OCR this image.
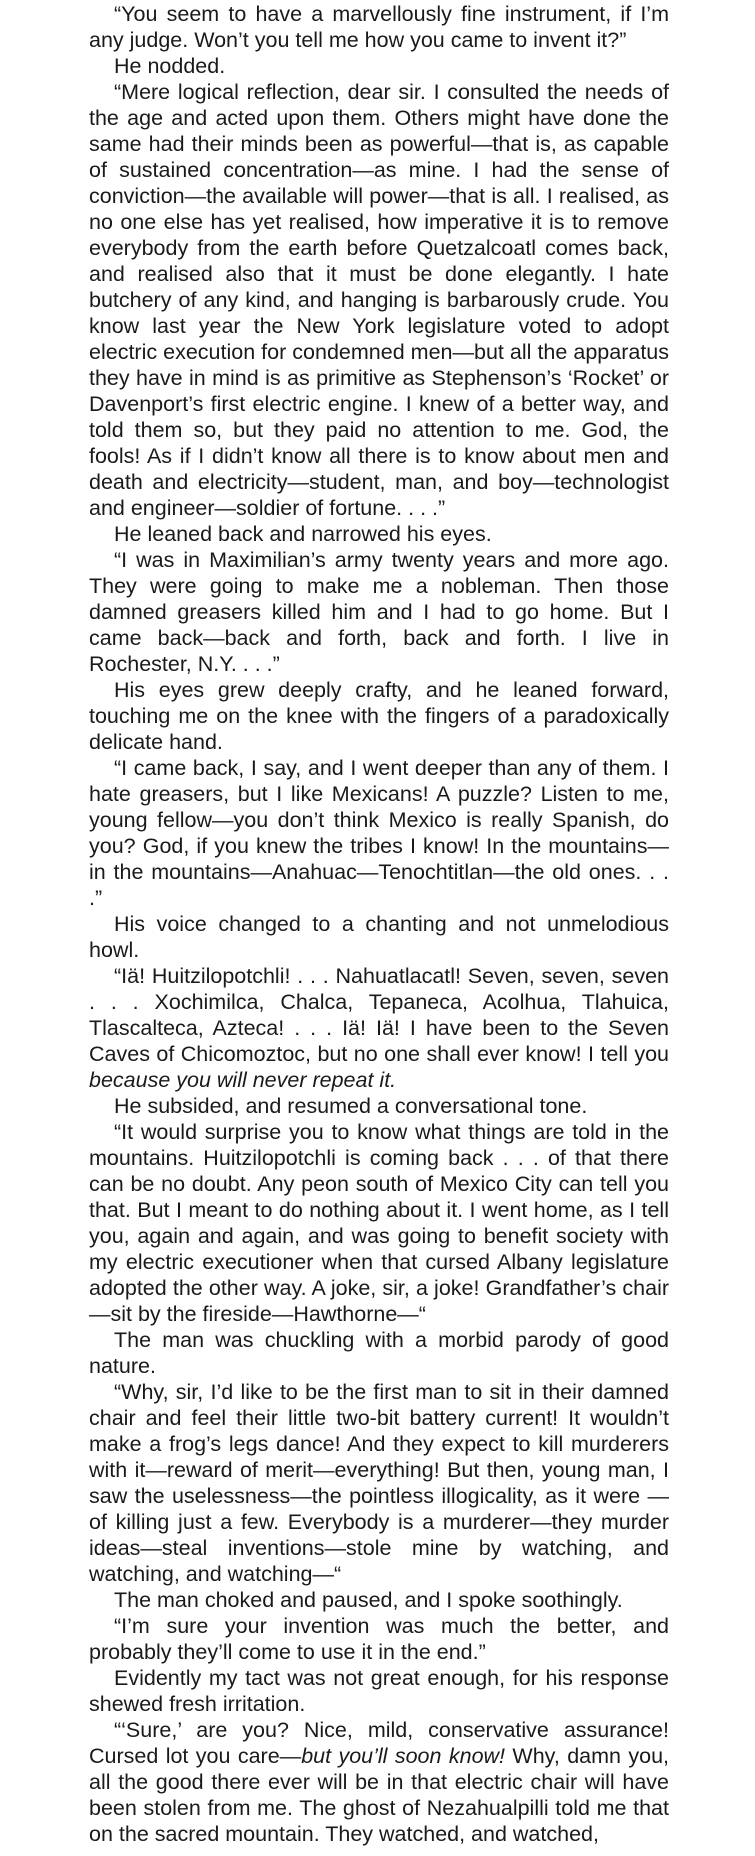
“You seem to have a marvellously fine instrument, if I’m any judge. Won’t you tell me how you came to invent it?”

He nodded.

“Mere logical reflection, dear sir. I consulted the needs of the age and acted upon them. Others might have done the same had their minds been as powerful—that is, as capable of sustained concentration—as mine. I had the sense of conviction—the available will power—that is all. I realised, as no one else has yet realised, how imperative it is to remove everybody from the earth before Quetzalcoatl comes back, and realised also that it must be done elegantly. I hate butchery of any kind, and hanging is barbarously crude. You know last year the New York legislature voted to adopt electric execution for condemned men—but all the apparatus they have in mind is as primitive as Stephenson’s ‘Rocket’ or Davenport’s first electric engine. I knew of a better way, and told them so, but they paid no attention to me. God, the fools! As if I didn’t know all there is to know about men and death and electricity—student, man, and boy—technologist and engineer—soldier of fortune. . . .”

He leaned back and narrowed his eyes.

“I was in Maximilian’s army twenty years and more ago. They were going to make me a nobleman. Then those damned greasers killed him and I had to go home. But I came back—back and forth, back and forth. I live in Rochester, N.Y. . . .”

His eyes grew deeply crafty, and he leaned forward, touching me on the knee with the fingers of a paradoxically delicate hand.

“I came back, I say, and I went deeper than any of them. I hate greasers, but I like Mexicans! A puzzle? Listen to me, young fellow—you don’t think Mexico is really Spanish, do you? God, if you knew the tribes I know! In the mountains—in the mountains—Anahuac—Tenochtitlan—the old ones. . . .”

His voice changed to a chanting and not unmelodious howl.

“Iä! Huitzilopotchli! . . . Nahuatlacatl! Seven, seven, seven . . . Xochimilca, Chalca, Tepaneca, Acolhua, Tlahuica, Tlascalteca, Azteca! . . . Iä! Iä! I have been to the Seven Caves of Chicomoztoc, but no one shall ever know! I tell you because you will never repeat it.

He subsided, and resumed a conversational tone.

“It would surprise you to know what things are told in the mountains. Huitzilopotchli is coming back . . . of that there can be no doubt. Any peon south of Mexico City can tell you that. But I meant to do nothing about it. I went home, as I tell you, again and again, and was going to benefit society with my electric executioner when that cursed Albany legislature adopted the other way. A joke, sir, a joke! Grandfather’s chair—sit by the fireside—Hawthorne—“

The man was chuckling with a morbid parody of good nature.

“Why, sir, I’d like to be the first man to sit in their damned chair and feel their little two-bit battery current! It wouldn’t make a frog’s legs dance! And they expect to kill murderers with it—reward of merit—everything! But then, young man, I saw the uselessness—the pointless illogicality, as it were —of killing just a few. Everybody is a murderer—they murder ideas—steal inventions—stole mine by watching, and watching, and watching—“

The man choked and paused, and I spoke soothingly.

“I’m sure your invention was much the better, and probably they’ll come to use it in the end.”

Evidently my tact was not great enough, for his response shewed fresh irritation.

“‘Sure,’ are you? Nice, mild, conservative assurance! Cursed lot you care—but you’ll soon know! Why, damn you, all the good there ever will be in that electric chair will have been stolen from me. The ghost of Nezahualpilli told me that on the sacred mountain. They watched, and watched,
